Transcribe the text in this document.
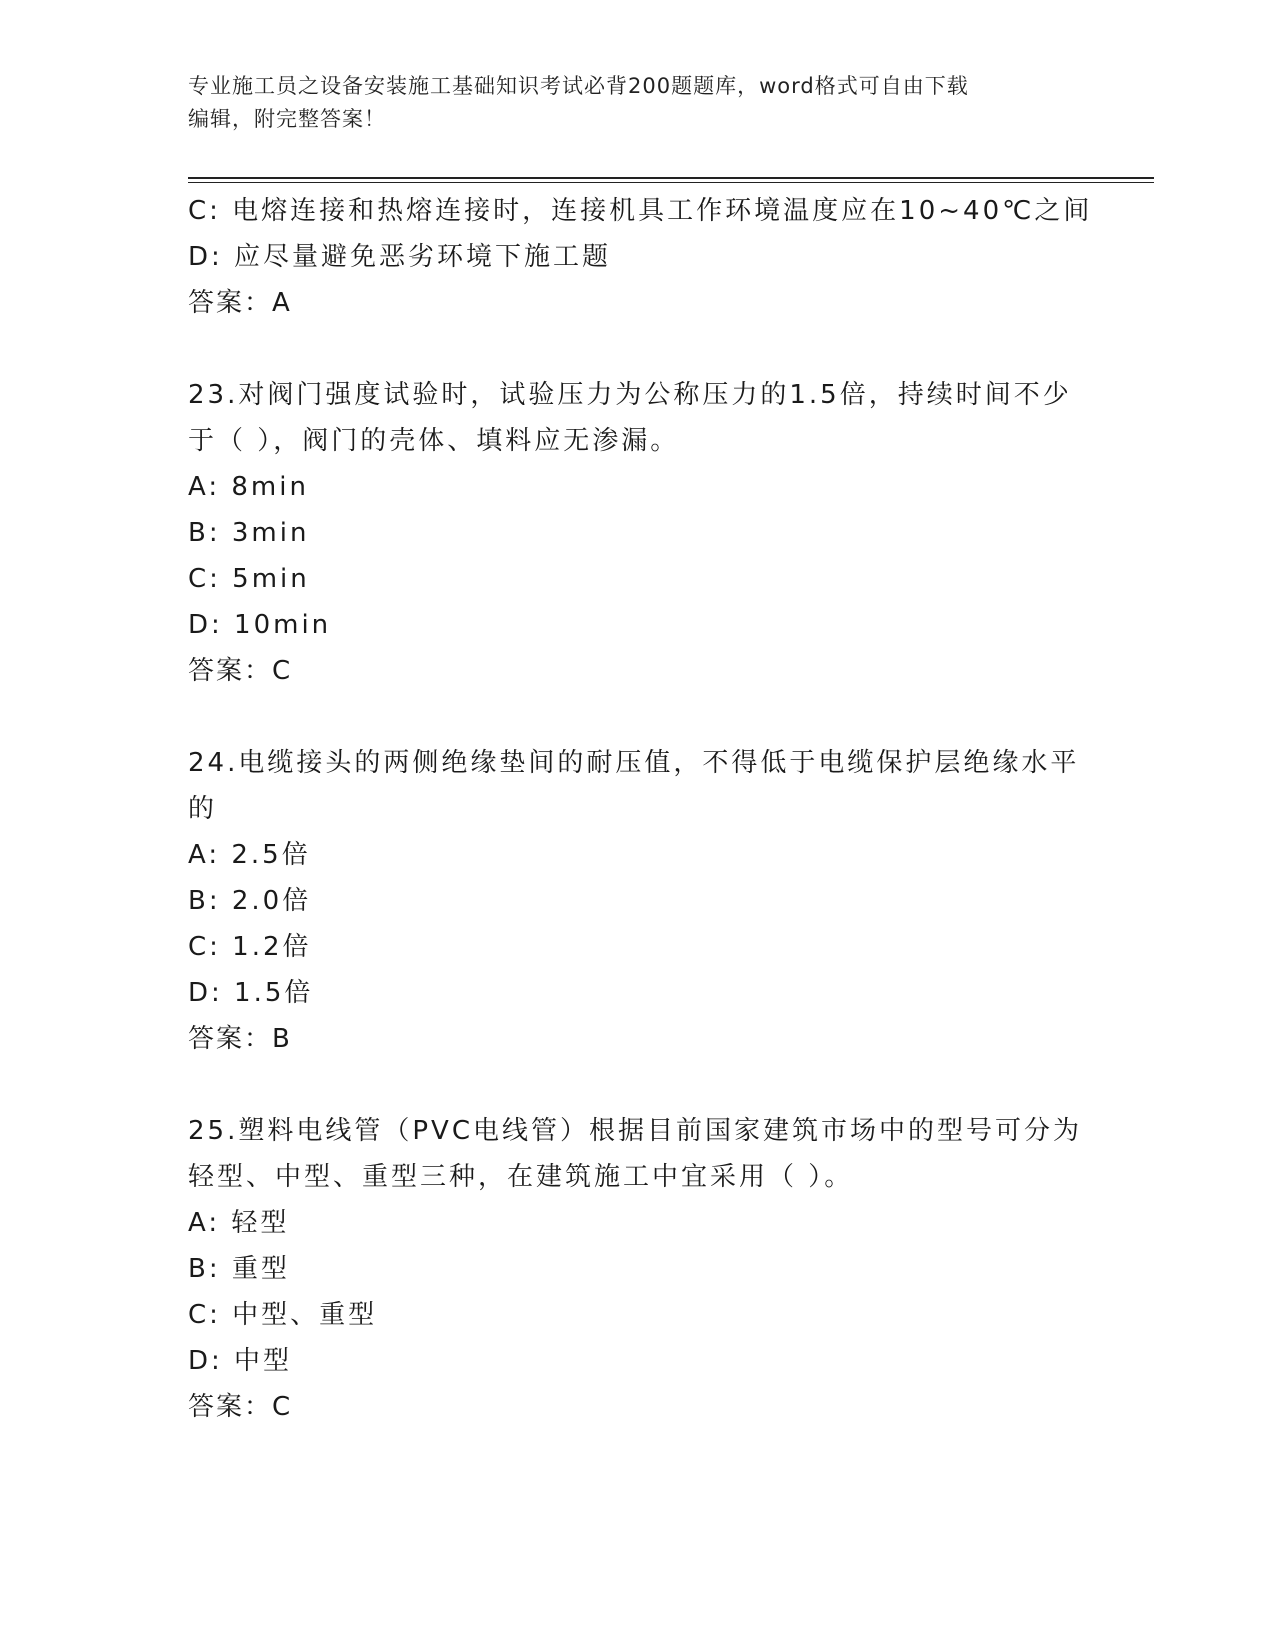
专业施工员之设备安装施工基础知识考试必背200题题库，word格式可自由下载
编辑，附完整答案！
C: 电熔连接和热熔连接时，连接机具工作环境温度应在10~40℃之间
D: 应尽量避免恶劣环境下施工题
答案：A
23.对阀门强度试验时，试验压力为公称压力的1.5倍，持续时间不少
于（ ），阀门的壳体、填料应无渗漏。
A: 8min
B: 3min
C: 5min
D: 10min
答案：C
24.电缆接头的两侧绝缘垫间的耐压值，不得低于电缆保护层绝缘水平
的
A: 2.5倍
B: 2.0倍
C: 1.2倍
D: 1.5倍
答案：B
25.塑料电线管（PVC电线管）根据目前国家建筑市场中的型号可分为
轻型、中型、重型三种，在建筑施工中宜采用（ ）。
A: 轻型
B: 重型
C: 中型、重型
D: 中型
答案：C
